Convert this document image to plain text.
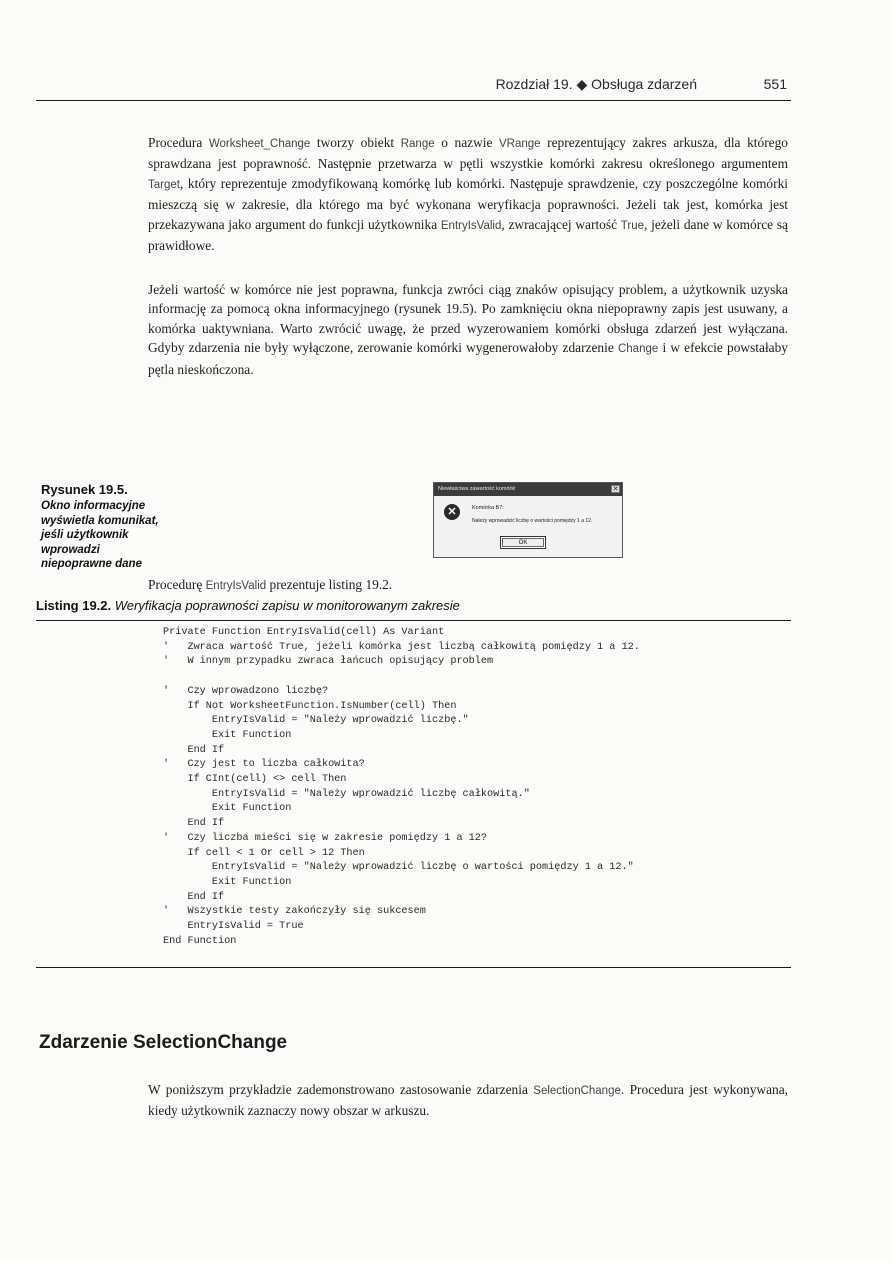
Rozdział 19. ◆ Obsługa zdarzeń	551

Procedura Worksheet_Change tworzy obiekt Range o nazwie VRange reprezentujący zakres arkusza, dla którego sprawdzana jest poprawność. Następnie przetwarza w pętli wszystkie komórki zakresu określonego argumentem Target, który reprezentuje zmodyfikowaną komórkę lub komórki. Następuje sprawdzenie, czy poszczególne komórki mieszczą się w zakresie, dla którego ma być wykonana weryfikacja poprawności. Jeżeli tak jest, komórka jest przekazywana jako argument do funkcji użytkownika EntryIsValid, zwracającej wartość True, jeżeli dane w komórce są prawidłowe.

Jeżeli wartość w komórce nie jest poprawna, funkcja zwróci ciąg znaków opisujący problem, a użytkownik uzyska informację za pomocą okna informacyjnego (rysunek 19.5). Po zamknięciu okna niepoprawny zapis jest usuwany, a komórka uaktywniana. Warto zwrócić uwagę, że przed wyzerowaniem komórki obsługa zdarzeń jest wyłączana. Gdyby zdarzenia nie były wyłączone, zerowanie komórki wygenerowałoby zdarzenie Change i w efekcie powstałaby pętla nieskończona.

Rysunek 19.5.
Okno informacyjne wyświetla komunikat, jeśli użytkownik wprowadzi niepoprawne dane
Niewłaściwa zawartość komórki	✕
✕	Komórka B7:
Należy wprowadzić liczbę o wartości pomiędzy 1 a 12.
OK

Procedurę EntryIsValid prezentuje listing 19.2.

Listing 19.2. Weryfikacja poprawności zapisu w monitorowanym zakresie
Private Function EntryIsValid(cell) As Variant
'   Zwraca wartość True, jeżeli komórka jest liczbą całkowitą pomiędzy 1 a 12.
'   W innym przypadku zwraca łańcuch opisujący problem

'   Czy wprowadzono liczbę?
If Not WorksheetFunction.IsNumber(cell) Then
EntryIsValid = "Należy wprowadzić liczbę."
Exit Function
End If
'   Czy jest to liczba całkowita?
If CInt(cell) <> cell Then
EntryIsValid = "Należy wprowadzić liczbę całkowitą."
Exit Function
End If
'   Czy liczba mieści się w zakresie pomiędzy 1 a 12?
If cell < 1 Or cell > 12 Then
EntryIsValid = "Należy wprowadzić liczbę o wartości pomiędzy 1 a 12."
Exit Function
End If
'   Wszystkie testy zakończyły się sukcesem
EntryIsValid = True
End Function
Zdarzenie SelectionChange

W poniższym przykładzie zademonstrowano zastosowanie zdarzenia SelectionChange. Procedura jest wykonywana, kiedy użytkownik zaznaczy nowy obszar w arkuszu.
